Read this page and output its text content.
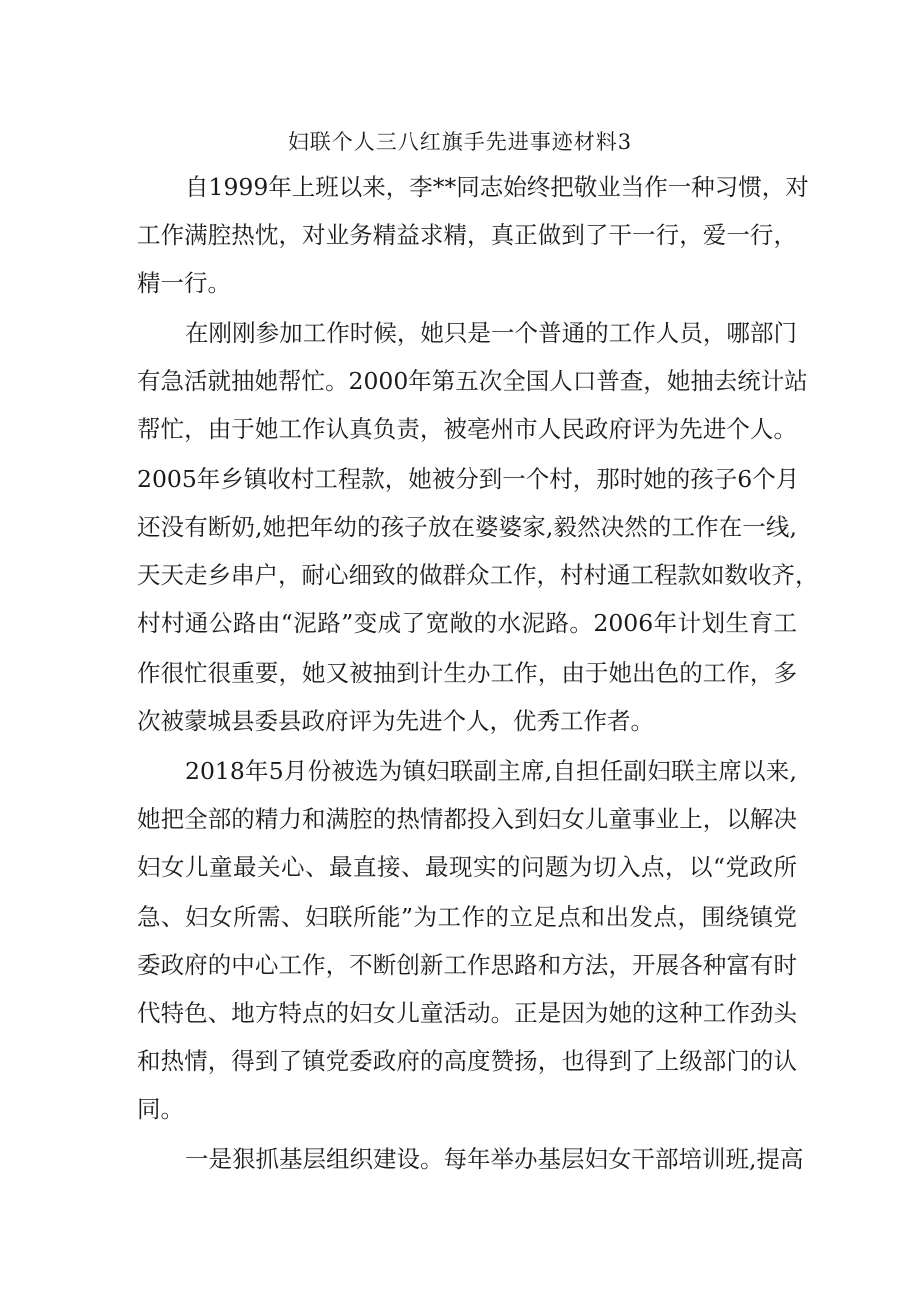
妇联个人三八红旗手先进事迹材料3
自1999年上班以来，李**同志始终把敬业当作一种习惯，对
工作满腔热忱，对业务精益求精，真正做到了干一行，爱一行，
精一行。
在刚刚参加工作时候，她只是一个普通的工作人员，哪部门
有急活就抽她帮忙。2000年第五次全国人口普查，她抽去统计站
帮忙，由于她工作认真负责，被亳州市人民政府评为先进个人。
2005年乡镇收村工程款，她被分到一个村，那时她的孩子6个月
还没有断奶,她把年幼的孩子放在婆婆家,毅然决然的工作在一线,
天天走乡串户，耐心细致的做群众工作，村村通工程款如数收齐，
村村通公路由“泥路”变成了宽敞的水泥路。2006年计划生育工
作很忙很重要，她又被抽到计生办工作，由于她出色的工作，多
次被蒙城县委县政府评为先进个人，优秀工作者。
2018年5月份被选为镇妇联副主席,自担任副妇联主席以来,
她把全部的精力和满腔的热情都投入到妇女儿童事业上，以解决
妇女儿童最关心、最直接、最现实的问题为切入点，以“党政所
急、妇女所需、妇联所能”为工作的立足点和出发点，围绕镇党
委政府的中心工作，不断创新工作思路和方法，开展各种富有时
代特色、地方特点的妇女儿童活动。正是因为她的这种工作劲头
和热情，得到了镇党委政府的高度赞扬，也得到了上级部门的认
同。
一是狠抓基层组织建设。每年举办基层妇女干部培训班,提高
